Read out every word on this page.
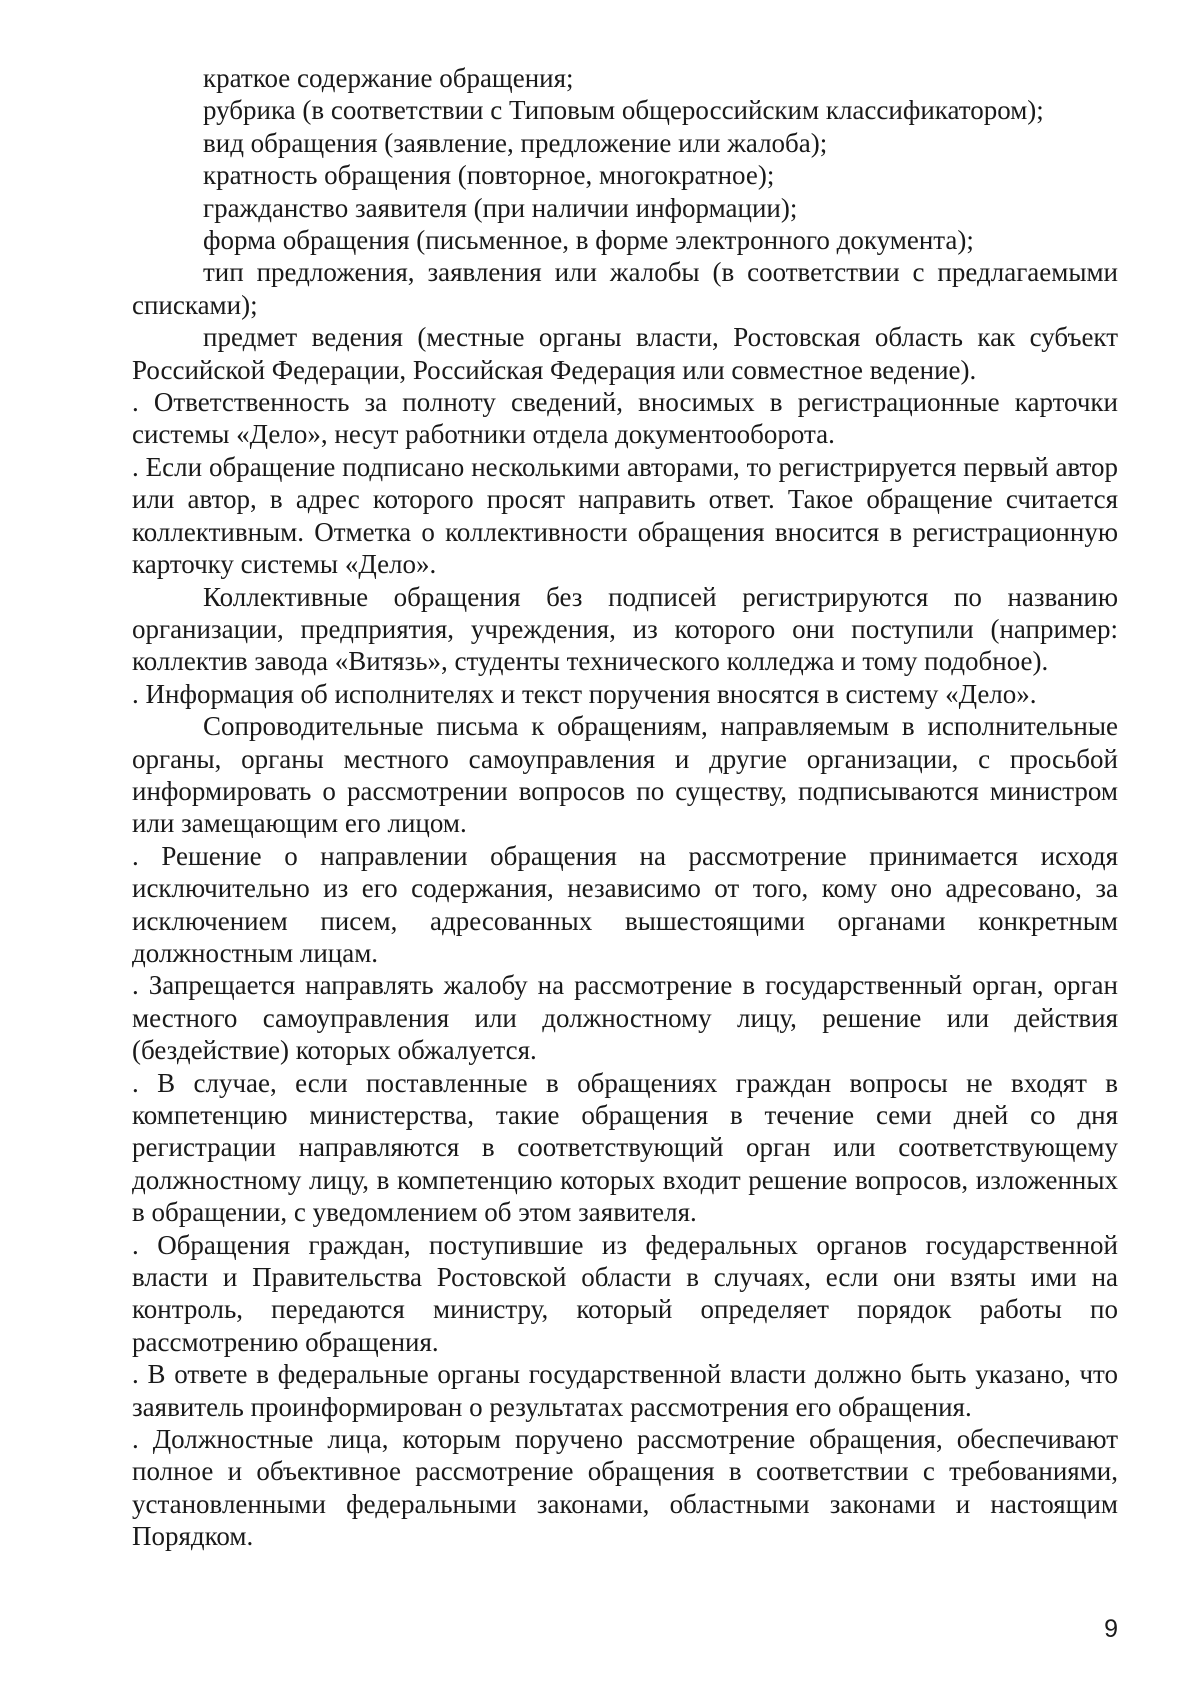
краткое содержание обращения;

рубрика (в соответствии с Типовым общероссийским классификатором);

вид обращения (заявление, предложение или жалоба);

кратность обращения (повторное, многократное);

гражданство заявителя (при наличии информации);

форма обращения (письменное, в форме электронного документа);

тип предложения, заявления или жалобы (в соответствии с предлагаемыми списками);

предмет ведения (местные органы власти, Ростовская область как субъект Российской Федерации, Российская Федерация или совместное ведение).

. Ответственность за полноту сведений, вносимых в регистрационные карточки системы «Дело», несут работники отдела документооборота.

. Если обращение подписано несколькими авторами, то регистрируется первый автор или автор, в адрес которого просят направить ответ. Такое обращение считается коллективным. Отметка о коллективности обращения вносится в регистрационную карточку системы «Дело».

Коллективные обращения без подписей регистрируются по названию организации, предприятия, учреждения, из которого они поступили (например: коллектив завода «Витязь», студенты технического колледжа и тому подобное).

. Информация об исполнителях и текст поручения вносятся в систему «Дело».

Сопроводительные письма к обращениям, направляемым в исполнительные органы, органы местного самоуправления и другие организации, с просьбой информировать о рассмотрении вопросов по существу, подписываются министром или замещающим его лицом.

. Решение о направлении обращения на рассмотрение принимается исходя исключительно из его содержания, независимо от того, кому оно адресовано, за исключением писем, адресованных вышестоящими органами конкретным должностным лицам.

. Запрещается направлять жалобу на рассмотрение в государственный орган, орган местного самоуправления или должностному лицу, решение или действия (бездействие) которых обжалуется.

. В случае, если поставленные в обращениях граждан вопросы не входят в компетенцию министерства, такие обращения в течение семи дней со дня регистрации направляются в соответствующий орган или соответствующему должностному лицу, в компетенцию которых входит решение вопросов, изложенных в обращении, с уведомлением об этом заявителя.

. Обращения граждан, поступившие из федеральных органов государственной власти и Правительства Ростовской области в случаях, если они взяты ими на контроль, передаются министру, который определяет порядок работы по рассмотрению обращения.

. В ответе в федеральные органы государственной власти должно быть указано, что заявитель проинформирован о результатах рассмотрения его обращения.

. Должностные лица, которым поручено рассмотрение обращения, обеспечивают полное и объективное рассмотрение обращения в соответствии с требованиями, установленными федеральными законами, областными законами и настоящим Порядком.

9
